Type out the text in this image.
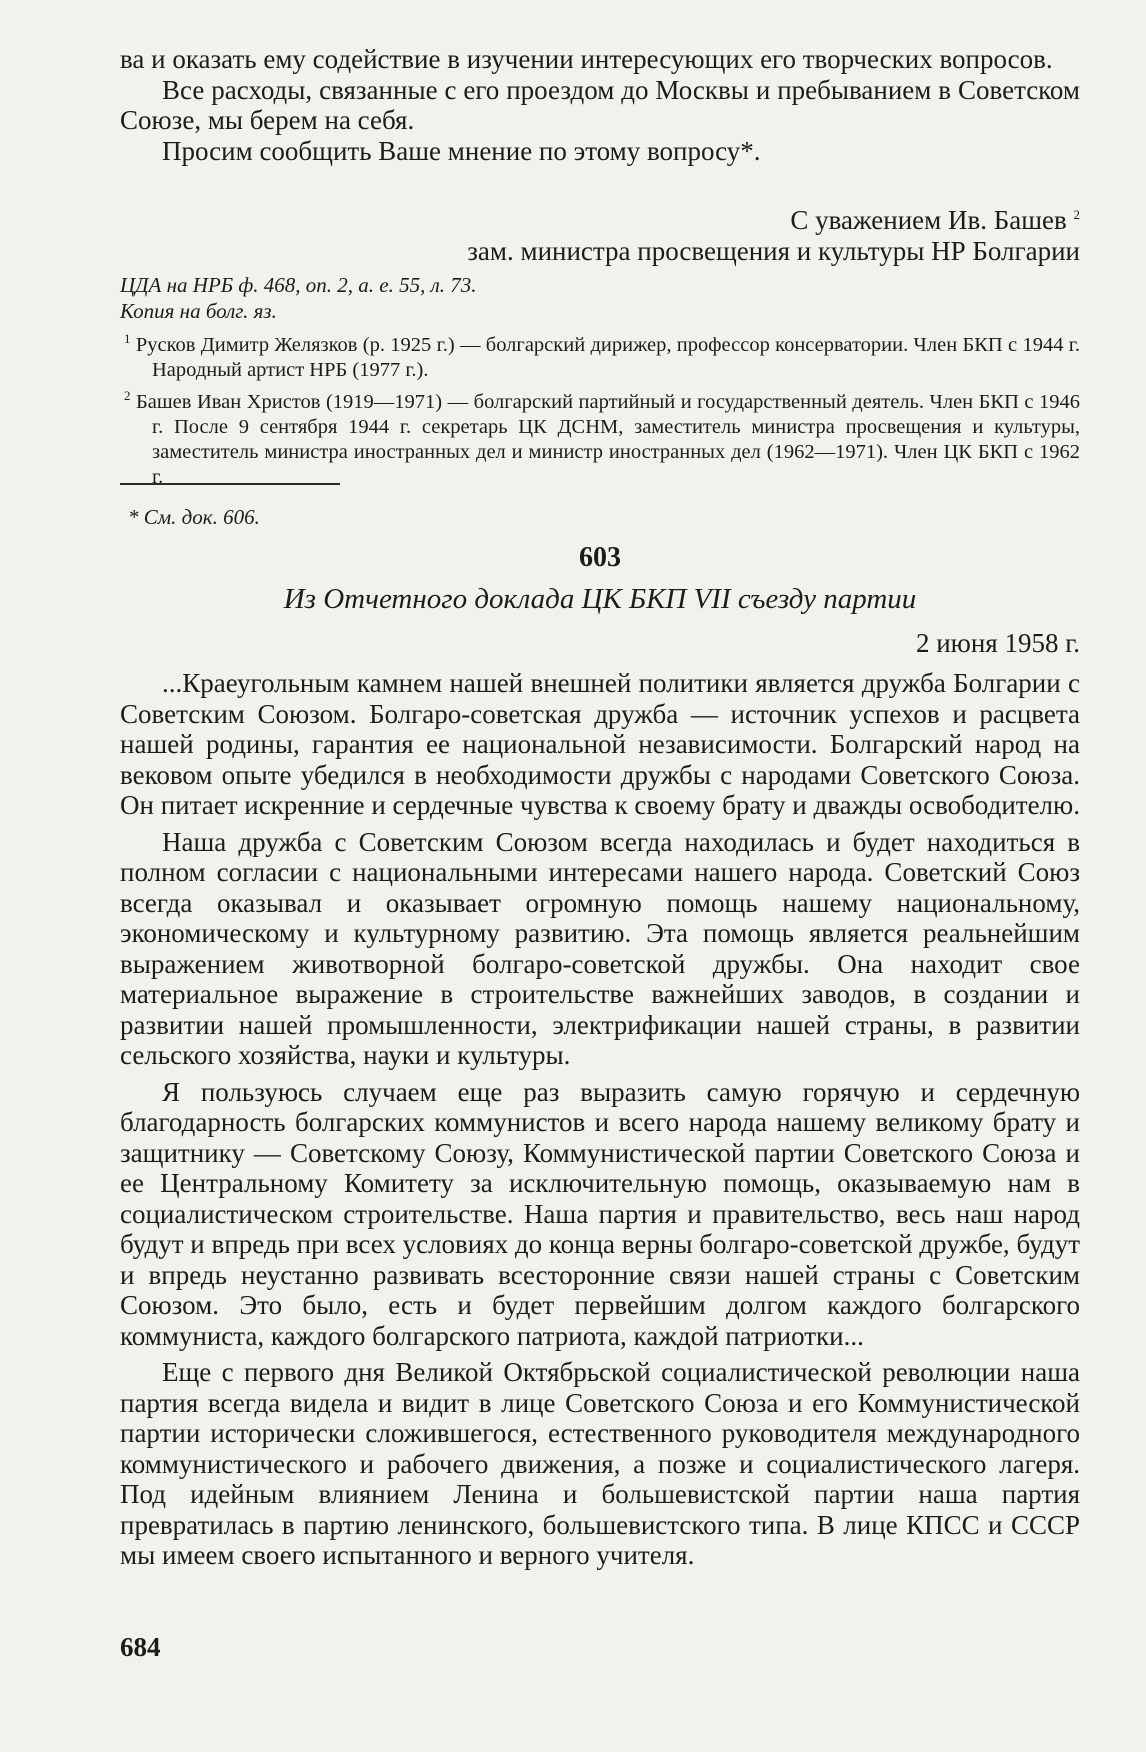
ва и оказать ему содействие в изучении интересующих его творческих вопросов.

Все расходы, связанные с его проездом до Москвы и пребыванием в Советском Союзе, мы берем на себя.

Просим сообщить Ваше мнение по этому вопросу*.

С уважением Ив. Башев $^2$

зам. министра просвещения и культуры НР Болгарии

ЦДА на НРБ ф. 468, оп. 2, а. е. 55, л. 73.

Копия на болг. яз.

$^1$ Русков Димитр Желязков (р. 1925 г.) — болгарский дирижер, профессор консерватории. Член БКП с 1944 г. Народный артист НРБ (1977 г.).

$^2$ Башев Иван Христов (1919—1971) — болгарский партийный и государственный деятель. Член БКП с 1946 г. После 9 сентября 1944 г. секретарь ЦК ДСНМ, заместитель министра просвещения и культуры, заместитель министра иностранных дел и министр иностранных дел (1962—1971). Член ЦК БКП с 1962 г.

* См. док. 606.

603

Из Отчетного доклада ЦК БКП VII съезду партии

2 июня 1958 г.

...Краеугольным камнем нашей внешней политики является дружба Болгарии с Советским Союзом. Болгаро-советская дружба — источник успехов и расцвета нашей родины, гарантия ее национальной независимости. Болгарский народ на вековом опыте убедился в необходимости дружбы с народами Советского Союза. Он питает искренние и сердечные чувства к своему брату и дважды освободителю.

Наша дружба с Советским Союзом всегда находилась и будет находиться в полном согласии с национальными интересами нашего народа. Советский Союз всегда оказывал и оказывает огромную помощь нашему национальному, экономическому и культурному развитию. Эта помощь является реальнейшим выражением животворной болгаро-советской дружбы. Она находит свое материальное выражение в строительстве важнейших заводов, в создании и развитии нашей промышленности, электрификации нашей страны, в развитии сельского хозяйства, науки и культуры.

Я пользуюсь случаем еще раз выразить самую горячую и сердечную благодарность болгарских коммунистов и всего народа нашему великому брату и защитнику — Советскому Союзу, Коммунистической партии Советского Союза и ее Центральному Комитету за исключительную помощь, оказываемую нам в социалистическом строительстве. Наша партия и правительство, весь наш народ будут и впредь при всех условиях до конца верны болгаро-советской дружбе, будут и впредь неустанно развивать всесторонние связи нашей страны с Советским Союзом. Это было, есть и будет первейшим долгом каждого болгарского коммуниста, каждого болгарского патриота, каждой патриотки...

Еще с первого дня Великой Октябрьской социалистической революции наша партия всегда видела и видит в лице Советского Союза и его Коммунистической партии исторически сложившегося, естественного руководителя международного коммунистического и рабочего движения, а позже и социалистического лагеря. Под идейным влиянием Ленина и большевистской партии наша партия превратилась в партию ленинского, большевистского типа. В лице КПСС и СССР мы имеем своего испытанного и верного учителя.

684
